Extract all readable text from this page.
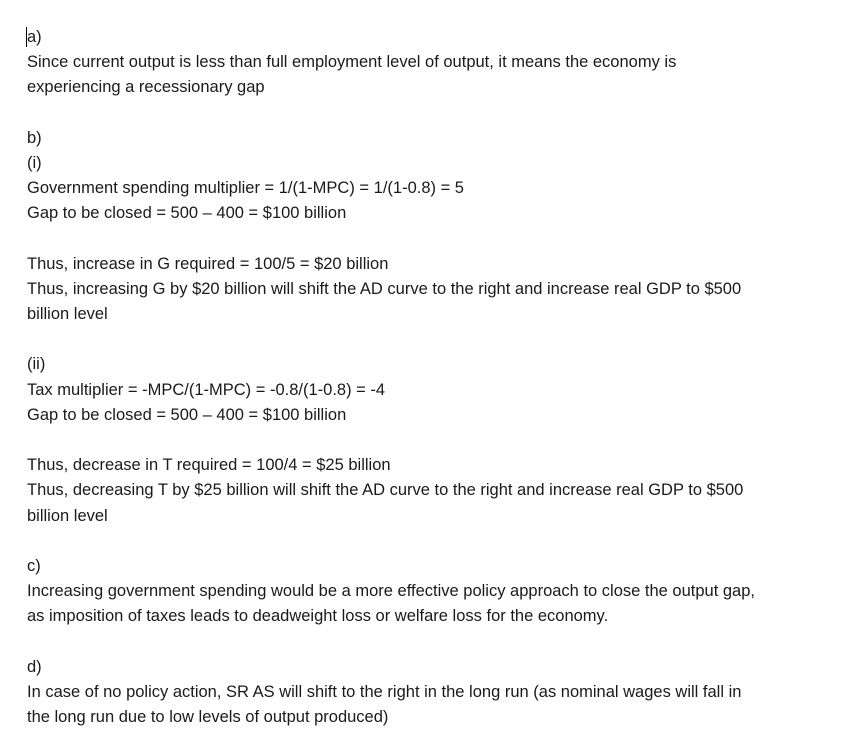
a)
Since current output is less than full employment level of output, it means the economy is
experiencing a recessionary gap
b)
(i)
Government spending multiplier = 1/(1-MPC) = 1/(1-0.8) = 5
Gap to be closed = 500 – 400 = $100 billion
Thus, increase in G required = 100/5 = $20 billion
Thus, increasing G by $20 billion will shift the AD curve to the right and increase real GDP to $500
billion level
(ii)
Tax multiplier = -MPC/(1-MPC) = -0.8/(1-0.8) = -4
Gap to be closed = 500 – 400 = $100 billion
Thus, decrease in T required = 100/4 = $25 billion
Thus, decreasing T by $25 billion will shift the AD curve to the right and increase real GDP to $500
billion level
c)
Increasing government spending would be a more effective policy approach to close the output gap,
as imposition of taxes leads to deadweight loss or welfare loss for the economy.
d)
In case of no policy action, SR AS will shift to the right in the long run (as nominal wages will fall in
the long run due to low levels of output produced)
